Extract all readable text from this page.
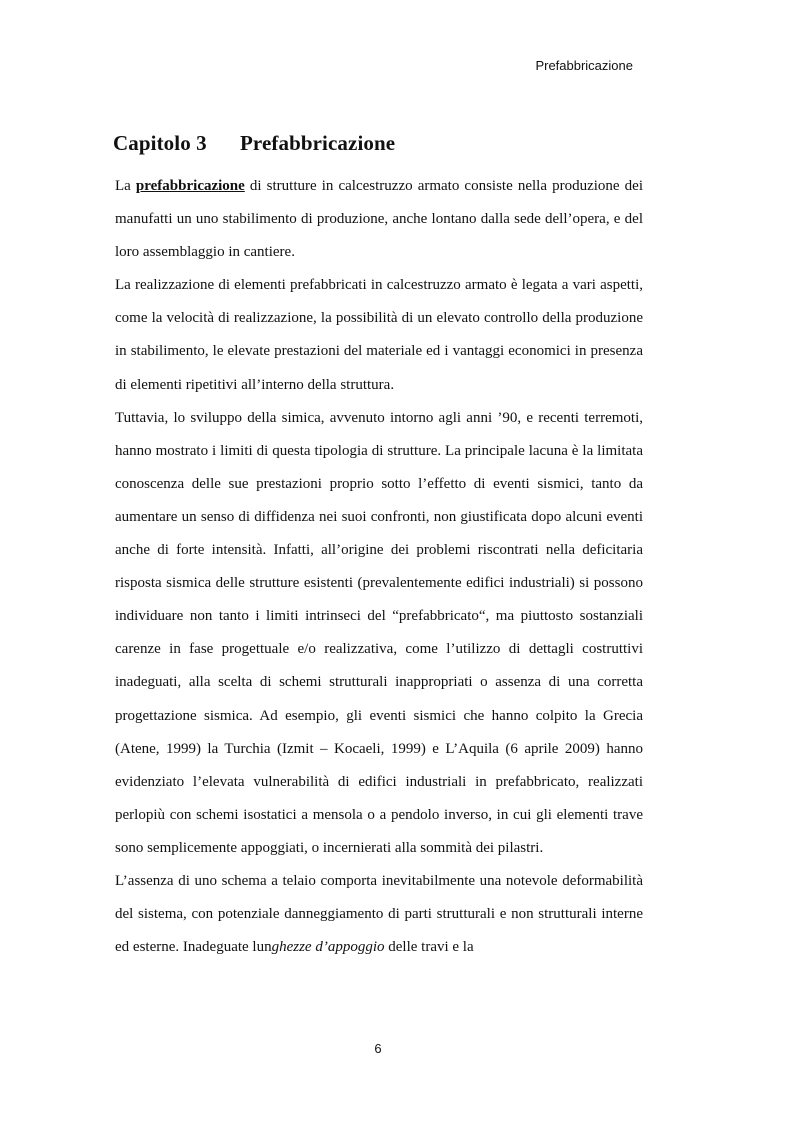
Prefabbricazione
Capitolo 3 Prefabbricazione

La prefabbricazione di strutture in calcestruzzo armato consiste nella produzione dei manufatti un uno stabilimento di produzione, anche lontano dalla sede dell’opera, e del loro assemblaggio in cantiere.

La realizzazione di elementi prefabbricati in calcestruzzo armato è legata a vari aspetti, come la velocità di realizzazione, la possibilità di un elevato controllo della produzione in stabilimento, le elevate prestazioni del materiale ed i vantaggi economici in presenza di elementi ripetitivi all’interno della struttura.

Tuttavia, lo sviluppo della simica, avvenuto intorno agli anni ’90, e recenti terremoti, hanno mostrato i limiti di questa tipologia di strutture. La principale lacuna è la limitata conoscenza delle sue prestazioni proprio sotto l’effetto di eventi sismici, tanto da aumentare un senso di diffidenza nei suoi confronti, non giustificata dopo alcuni eventi anche di forte intensità. Infatti, all’origine dei problemi riscontrati nella deficitaria risposta sismica delle strutture esistenti (prevalentemente edifici industriali) si possono individuare non tanto i limiti intrinseci del “prefabbricato“, ma piuttosto sostanziali carenze in fase progettuale e/o realizzativa, come l’utilizzo di dettagli costruttivi inadeguati, alla scelta di schemi strutturali inappropriati o assenza di una corretta progettazione sismica. Ad esempio, gli eventi sismici che hanno colpito la Grecia (Atene, 1999) la Turchia (Izmit – Kocaeli, 1999) e L’Aquila (6 aprile 2009) hanno evidenziato l’elevata vulnerabilità di edifici industriali in prefabbricato, realizzati perlopiù con schemi isostatici a mensola o a pendolo inverso, in cui gli elementi trave sono semplicemente appoggiati, o incernierati alla sommità dei pilastri.

L’assenza di uno schema a telaio comporta inevitabilmente una notevole deformabilità del sistema, con potenziale danneggiamento di parti strutturali e non strutturali interne ed esterne. Inadeguate lunghezze d’appoggio delle travi e la

6
